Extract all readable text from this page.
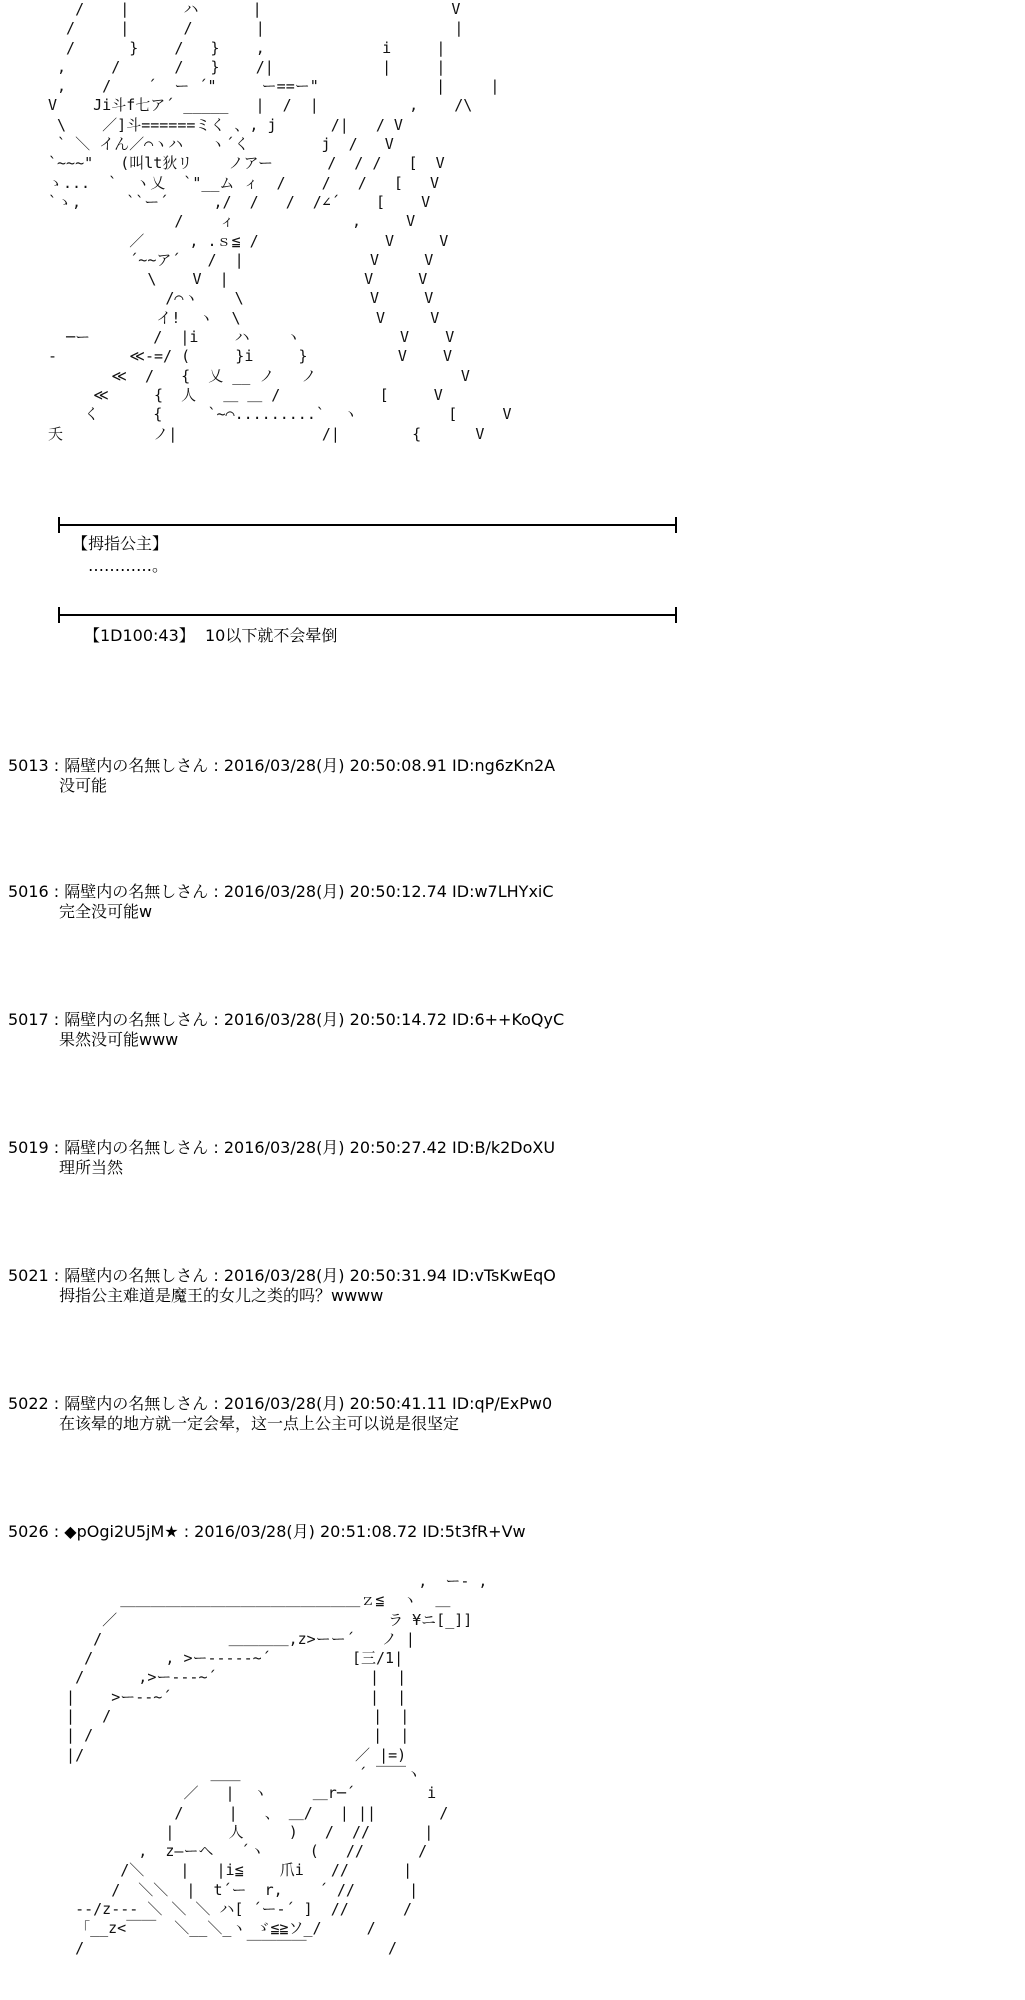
/    |      ハ      |                     V
/     |      /       |                     |
/      }    /   }    ,             i     |
,     /      /   }    /|            |     |
,    /    ´  ー ´"     ー==ー"             |     |
V    Ji斗f七ア´ _____   |  /  |          ,    /\
\    ／]斗======ミく 、, j      /|   / V
` ＼ イん／⌒ヽハ   ヽ´く        j  /   V
`~~~"   (叫lt狄リ    ノアー      /  / /   [  V
ゝ...  `  ヽ乂  `"__ム ィ  /    /   /   [   V
`ゝ,     ``ー´     ,/  /   /  /∠´    [    V
/    ィ             ,     V
／     , .ｓ≦ /              V     V
´~~ア´   /  |              V     V
\    V  |               V     V
/⌒ヽ    \              V     V
イ!  ヽ  \               V     V
─ー       /  |i    ハ    ヽ           V    V
-        ≪-=/ (     }i     }          V    V
≪  /   {  乂 __ ノ   ノ                V
≪     {  人   ＿ ＿ /           [     V
く      {     `~⌒.........`  ヽ          [     V
夭          ノ|                /|        {      V
【拇指公主】
…………。
【1D100:43】  10以下就不会晕倒
5013 : 隔壁内の名無しさん : 2016/03/28(月) 20:50:08.91 ID:ng6zKn2A
没可能
5016 : 隔壁内の名無しさん : 2016/03/28(月) 20:50:12.74 ID:w7LHYxiC
完全没可能w
5017 : 隔壁内の名無しさん : 2016/03/28(月) 20:50:14.72 ID:6++KoQyC
果然没可能www
5019 : 隔壁内の名無しさん : 2016/03/28(月) 20:50:27.42 ID:B/k2DoXU
理所当然
5021 : 隔壁内の名無しさん : 2016/03/28(月) 20:50:31.94 ID:vTsKwEqO
拇指公主难道是魔王的女儿之类的吗？wwww
5022 : 隔壁内の名無しさん : 2016/03/28(月) 20:50:41.11 ID:qP/ExPw0
在该晕的地方就一定会晕，这一点上公主可以说是很坚定
5026 : ◆pOgi2U5jM★ : 2016/03/28(月) 20:51:08.72 ID:5t3fR+Vw
,  ー- ,
＿＿＿＿＿＿＿＿＿＿＿＿＿＿＿＿ｚ≦  ヽ  ＿
／                              ラ ¥ニ[_]]
/              ＿＿＿＿,z>ーー´   ノ |
/        , >ー-‐‐‐‐~´         [三/1|
/      ,>ー-‐‐~´                 |  |
|    >ー-‐~´                      |  |
|   /                             |  |
| /                               |  |
|/                              ／ |=)
＿＿             ´ ￣￣ヽ
／   |  ヽ     ＿r─´        i
/     |   、 ＿/   | ||       /
|      人     )   /  //      |
,  z―ーヘ   ´ヽ     (   //      /
/＼    |   |i≦    爪i   //      |
/  ＼＼  |  t´ー  r,    ´ //      |
--/z--- ＼ ＼ ＼ ハ[ ´ー-´ ]  //      /
「__z<￣￣  ＼__＼_ヽ ゞ≦≧ソ_/     /
/                  ￣￣￣￣         /
